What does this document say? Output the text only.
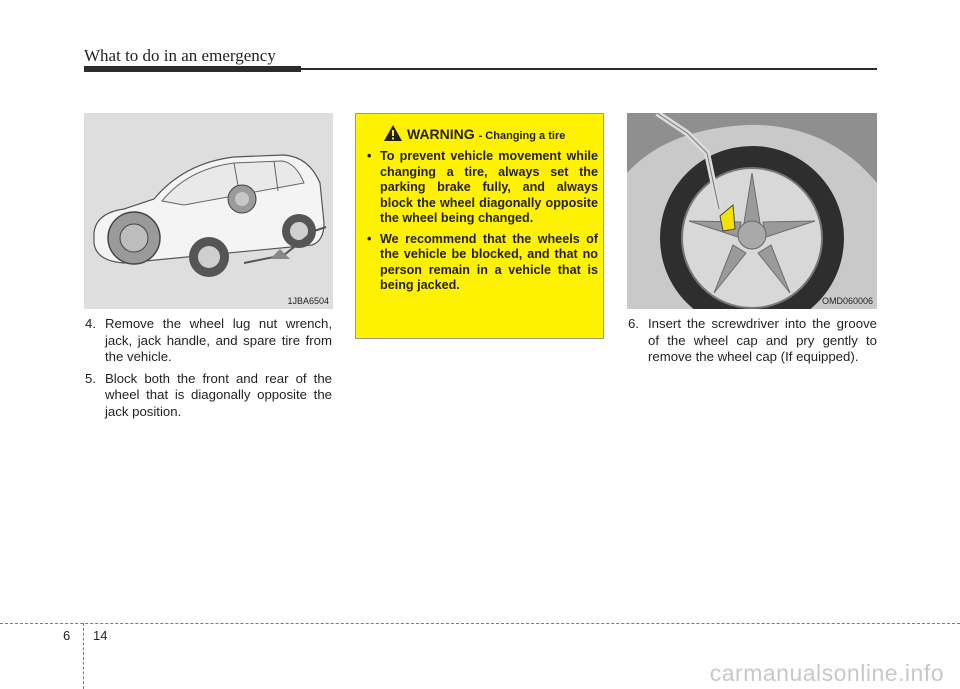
What to do in an emergency
1JBA6504
WARNING - Changing a tire
• To prevent vehicle movement while changing a tire, always set the parking brake fully, and always block the wheel diagonally opposite the wheel being changed.
• We recommend that the wheels of the vehicle be blocked, and that no person remain in a vehicle that is being jacked.
OMD060006
4. Remove the wheel lug nut wrench, jack, jack handle, and spare tire from the vehicle.
5. Block both the front and rear of the wheel that is diagonally opposite the jack position.
6. Insert the screwdriver into the groove of the wheel cap and pry gently to remove the wheel cap (If equipped).
6 14
carmanualsonline.info
